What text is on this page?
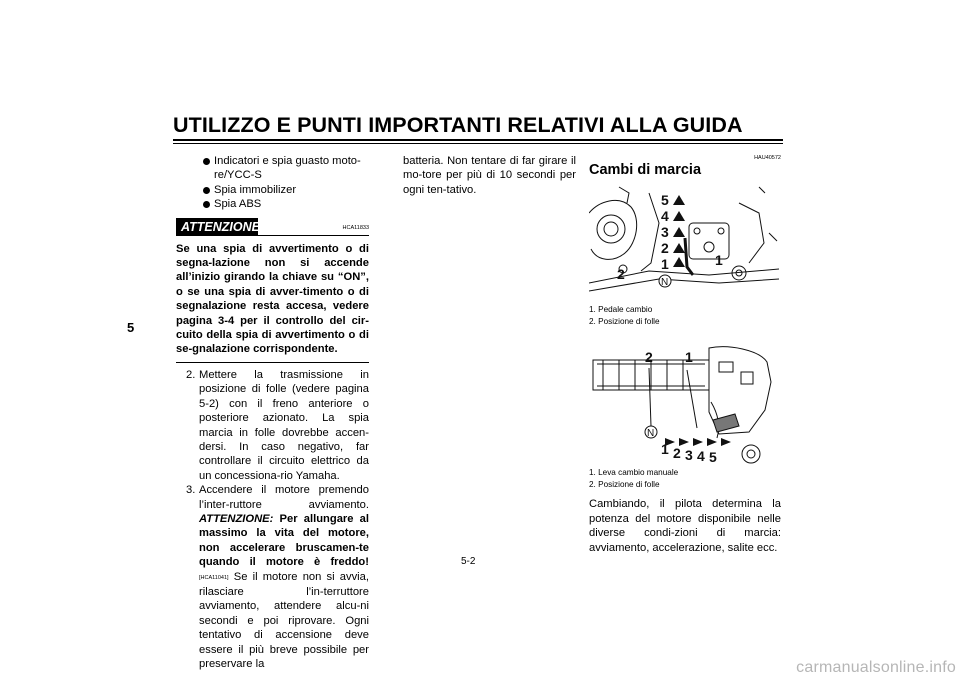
UTILIZZO E PUNTI IMPORTANTI RELATIVI ALLA GUIDA
5
Indicatori e spia guasto moto-re/YCC-S
Spia immobilizer
Spia ABS
ATTENZIONE	HCA11833
Se una spia di avvertimento o di segna-lazione non si accende all’inizio girando la chiave su “ON”, o se una spia di avver-timento o di segnalazione resta accesa, vedere pagina 3-4 per il controllo del cir-cuito della spia di avvertimento o di se-gnalazione corrispondente.
2. Mettere la trasmissione in posizione di folle (vedere pagina 5-2) con il freno anteriore o posteriore azionato. La spia marcia in folle dovrebbe accen-dersi. In caso negativo, far controllare il circuito elettrico da un concessiona-rio Yamaha.
3. Accendere il motore premendo l’inter-ruttore avviamento. ATTENZIONE: Per allungare al massimo la vita del motore, non accelerare bruscamen-te quando il motore è freddo![HCA11041] Se il motore non si avvia, rilasciare l’in-terruttore avviamento, attendere alcu-ni secondi e poi riprovare. Ogni tentativo di accensione deve essere il più breve possibile per preservare la
batteria. Non tentare di far girare il mo-tore per più di 10 secondi per ogni ten-tativo.
HAU40572
Cambi di marcia
5
4
3
2
1	1
2
N
1. Pedale cambio
2. Posizione di folle
2 1
1 2 3 4 5
N
1. Leva cambio manuale
2. Posizione di folle
Cambiando, il pilota determina la potenza del motore disponibile nelle diverse condi-zioni di marcia: avviamento, accelerazione, salite ecc.
5-2
carmanualsonline.info
